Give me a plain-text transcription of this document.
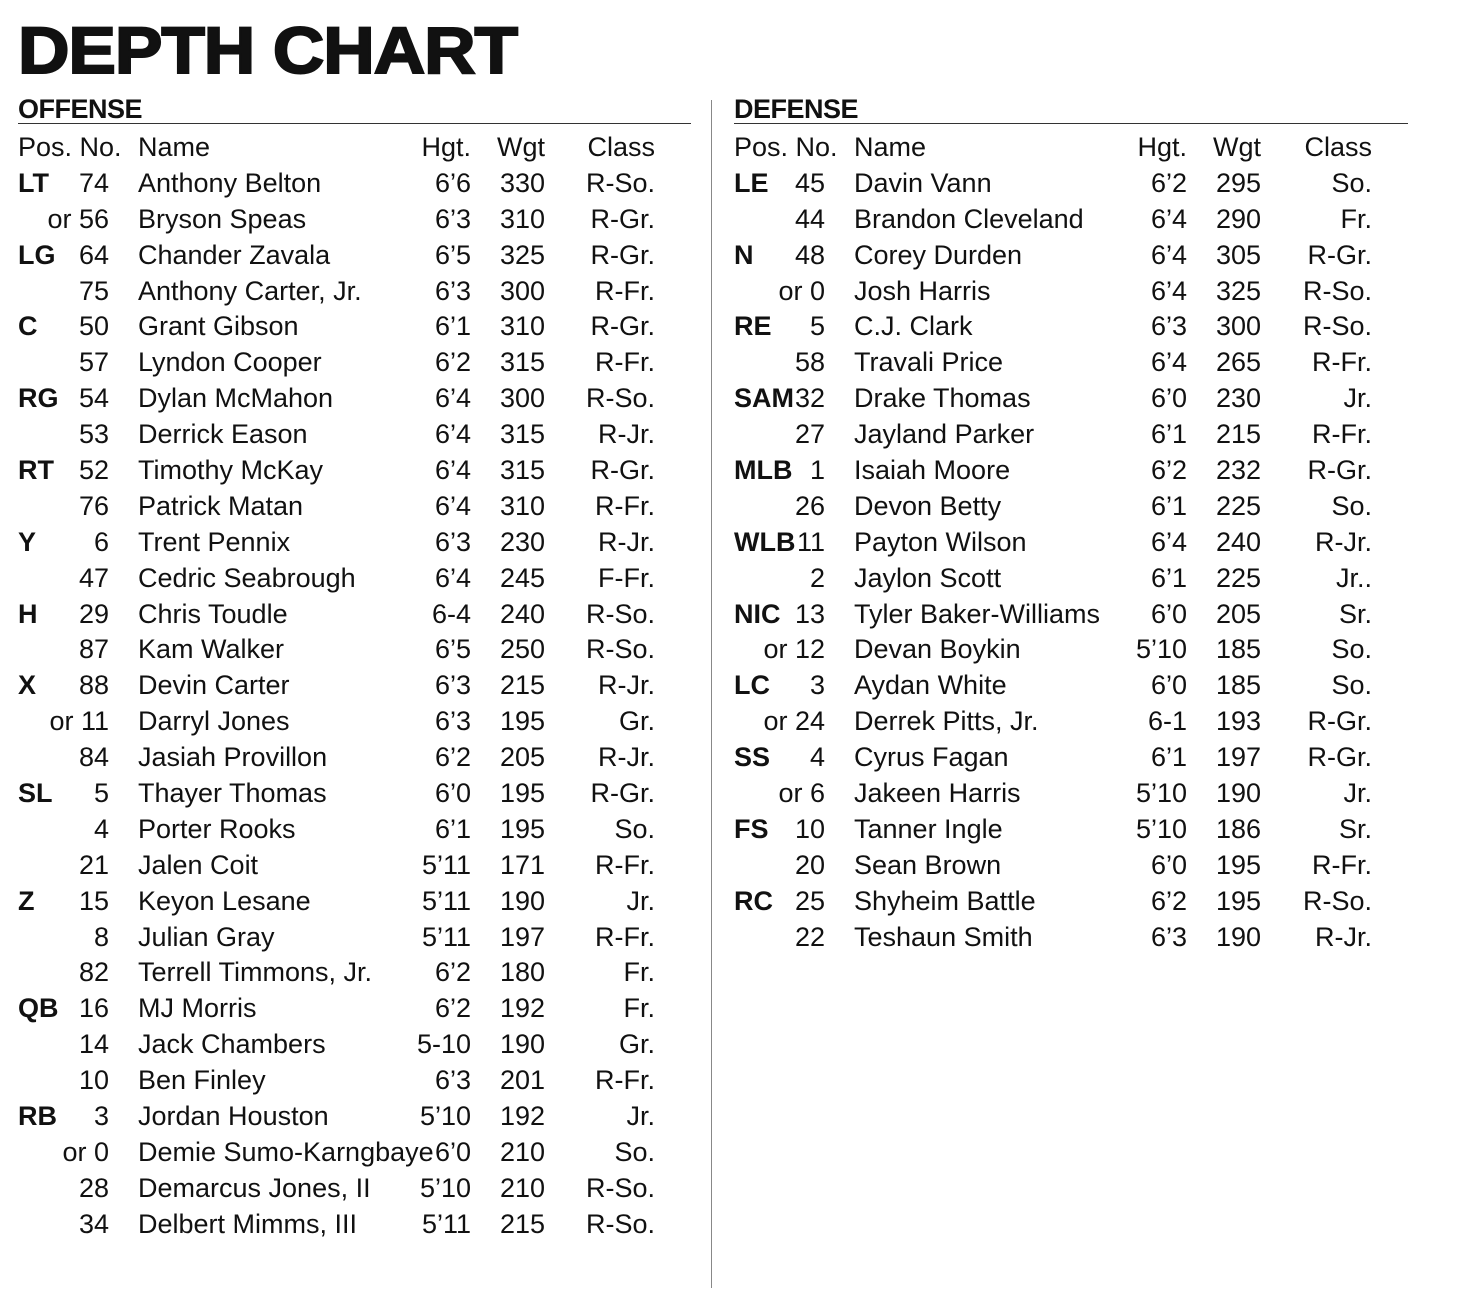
DEPTH CHART
OFFENSE
Pos. No. Name	Hgt. Wgt	Class
LT	74 Anthony Belton	6’6	330	R-So.
or 56 Bryson Speas	6’3	310	R-Gr.
LG 64 Chander Zavala	6’5	325	R-Gr.
75 Anthony Carter, Jr.	6’3	300	R-Fr.
C	50 Grant Gibson	6’1	310	R-Gr.
57 Lyndon Cooper	6’2	315	R-Fr.
RG 54 Dylan McMahon	6’4	300	R-So.
53 Derrick Eason	6’4	315	R-Jr.
RT 52 Timothy McKay	6’4	315	R-Gr.
76 Patrick Matan	6’4	310	R-Fr.
Y	6 Trent Pennix	6’3	230	R-Jr.
47 Cedric Seabrough	6’4	245	F-Fr.
H	29 Chris Toudle	6-4	240	R-So.
87 Kam Walker	6’5	250	R-So.
X	88 Devin Carter	6’3	215	R-Jr.
or 11 Darryl Jones	6’3	195	Gr.
84 Jasiah Provillon	6’2	205	R-Jr.
SL	5 Thayer Thomas	6’0	195	R-Gr.
4 Porter Rooks	6’1	195	So.
21 Jalen Coit	5’11	171	R-Fr.
Z	15 Keyon Lesane	5’11	190	Jr.
8 Julian Gray	5’11	197	R-Fr.
82 Terrell Timmons, Jr.	6’2	180	Fr.
QB 16 MJ Morris	6’2	192	Fr.
14 Jack Chambers	5-10	190	Gr.
10 Ben Finley	6’3	201	R-Fr.
RB	3 Jordan Houston	5’10	192	Jr.
or 0 Demie Sumo-Karngbaye 6’0	210	So.
28 Demarcus Jones, II	5’10	210	R-So.
34 Delbert Mimms, III	5’11	215	R-So.
DEFENSE
Pos. No. Name	Hgt. Wgt	Class
LE 45 Davin Vann	6’2	295	So.
44 Brandon Cleveland	6’4	290	Fr.
N	48 Corey Durden	6’4	305	R-Gr.
or 0 Josh Harris	6’4	325	R-So.
RE	5 C.J. Clark	6’3	300	R-So.
58 Travali Price	6’4	265	R-Fr.
SAM 32 Drake Thomas	6’0	230	Jr.
27 Jayland Parker	6’1	215	R-Fr.
MLB 1 Isaiah Moore	6’2	232	R-Gr.
26 Devon Betty	6’1	225	So.
WLB 11 Payton Wilson	6’4	240	R-Jr.
2 Jaylon Scott	6’1	225	Jr..
NIC 13 Tyler Baker-Williams	6’0	205	Sr.
or 12 Devan Boykin	5’10	185	So.
LC	3 Aydan White	6’0	185	So.
or 24 Derrek Pitts, Jr.	6-1	193	R-Gr.
SS	4 Cyrus Fagan	6’1	197	R-Gr.
or 6 Jakeen Harris	5’10	190	Jr.
FS 10 Tanner Ingle	5’10	186	Sr.
20 Sean Brown	6’0	195	R-Fr.
RC 25 Shyheim Battle	6’2	195	R-So.
22 Teshaun Smith	6’3	190	R-Jr.
